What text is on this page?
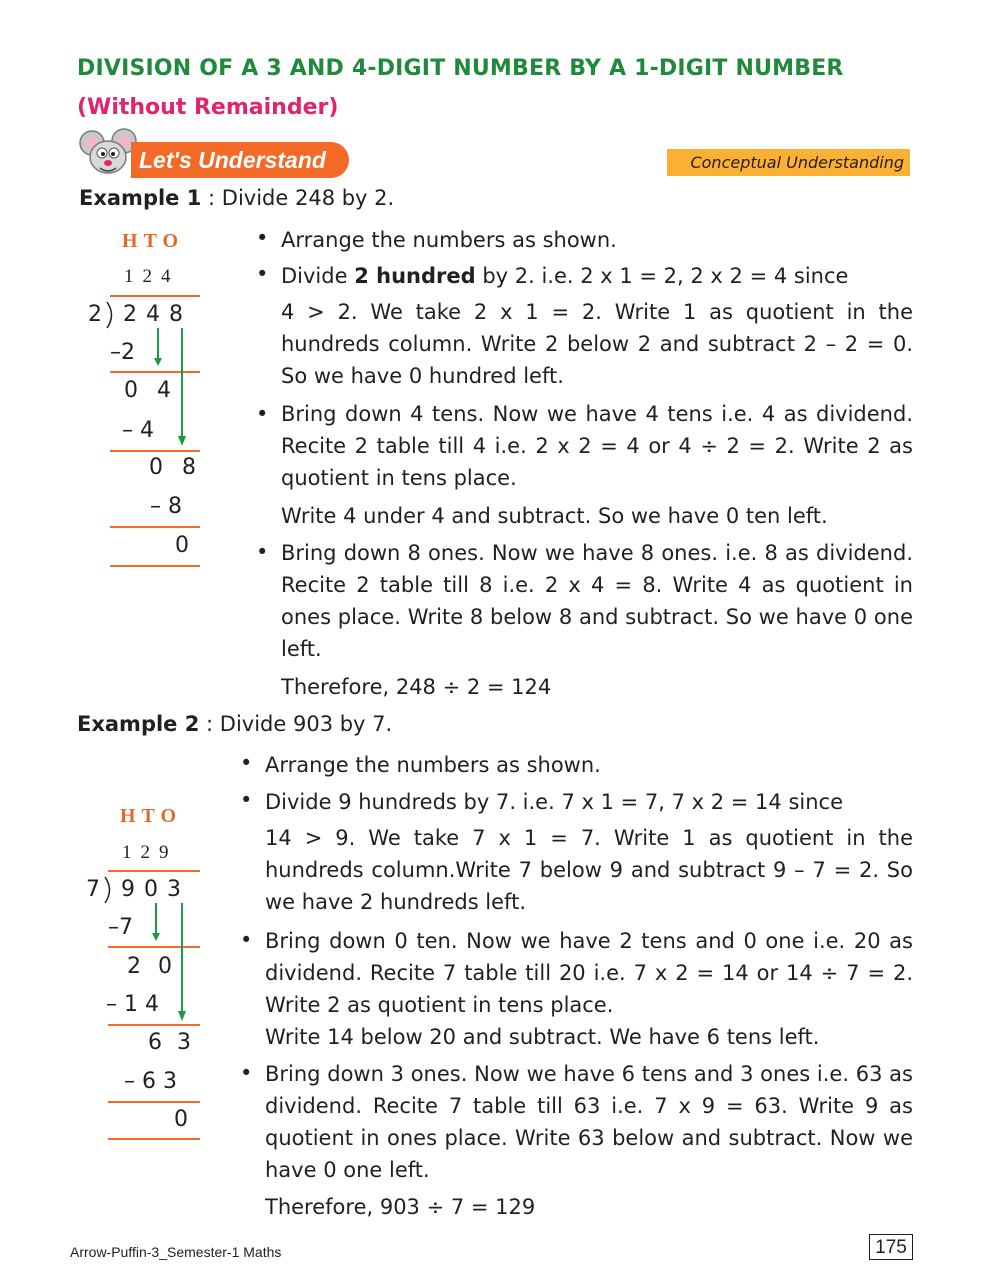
DIVISION OF A 3 AND 4-DIGIT NUMBER BY A 1-DIGIT NUMBER
(Without Remainder)
Let's Understand	Conceptual Understanding
Example 1 : Divide 248 by 2.
HTO
124
2 248
–2
0 4
– 4
0 8
– 8
0
• Arrange the numbers as shown.
• Divide 2 hundred by 2. i.e. 2 x 1 = 2, 2 x 2 = 4 since
4 > 2. We take 2 x 1 = 2. Write 1 as quotient in the hundreds column. Write 2 below 2 and subtract 2 – 2 = 0. So we have 0 hundred left.
• Bring down 4 tens. Now we have 4 tens i.e. 4 as dividend. Recite 2 table till 4 i.e. 2 x 2 = 4 or 4 ÷ 2 = 2. Write 2 as quotient in tens place.
Write 4 under 4 and subtract. So we have 0 ten left.
• Bring down 8 ones. Now we have 8 ones. i.e. 8 as dividend. Recite 2 table till 8 i.e. 2 x 4 = 8. Write 4 as quotient in ones place. Write 8 below 8 and subtract. So we have 0 one left.
Therefore, 248 ÷ 2 = 124
Example 2 : Divide 903 by 7.
HTO
129
7 903
–7
2 0
– 1 4
6 3
– 6 3
0
• Arrange the numbers as shown.
• Divide 9 hundreds by 7. i.e. 7 x 1 = 7, 7 x 2 = 14 since
14 > 9. We take 7 x 1 = 7. Write 1 as quotient in the hundreds column.Write 7 below 9 and subtract 9 – 7 = 2. So we have 2 hundreds left.
• Bring down 0 ten. Now we have 2 tens and 0 one i.e. 20 as dividend. Recite 7 table till 20 i.e. 7 x 2 = 14 or 14 ÷ 7 = 2. Write 2 as quotient in tens place.
Write 14 below 20 and subtract. We have 6 tens left.
• Bring down 3 ones. Now we have 6 tens and 3 ones i.e. 63 as dividend. Recite 7 table till 63 i.e. 7 x 9 = 63. Write 9 as quotient in ones place. Write 63 below and subtract. Now we have 0 one left.
Therefore, 903 ÷ 7 = 129
Arrow-Puffin-3_Semester-1 Maths	175
